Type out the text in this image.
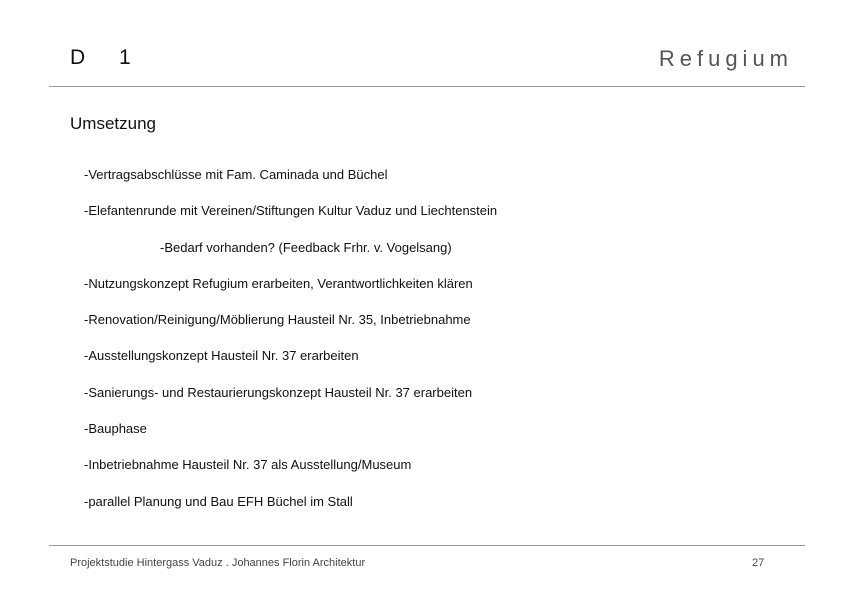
D 1	Refugium
Umsetzung
-Vertragsabschlüsse mit Fam. Caminada und Büchel
-Elefantenrunde mit Vereinen/Stiftungen Kultur Vaduz und Liechtenstein
-Bedarf vorhanden? (Feedback Frhr. v. Vogelsang)
-Nutzungskonzept Refugium erarbeiten, Verantwortlichkeiten klären
-Renovation/Reinigung/Möblierung Hausteil Nr. 35, Inbetriebnahme
-Ausstellungskonzept Hausteil Nr. 37 erarbeiten
-Sanierungs- und Restaurierungskonzept Hausteil Nr. 37 erarbeiten
-Bauphase
-Inbetriebnahme Hausteil Nr. 37 als Ausstellung/Museum
-parallel Planung und Bau EFH Büchel im Stall
Projektstudie Hintergass Vaduz . Johannes Florin Architektur	27
